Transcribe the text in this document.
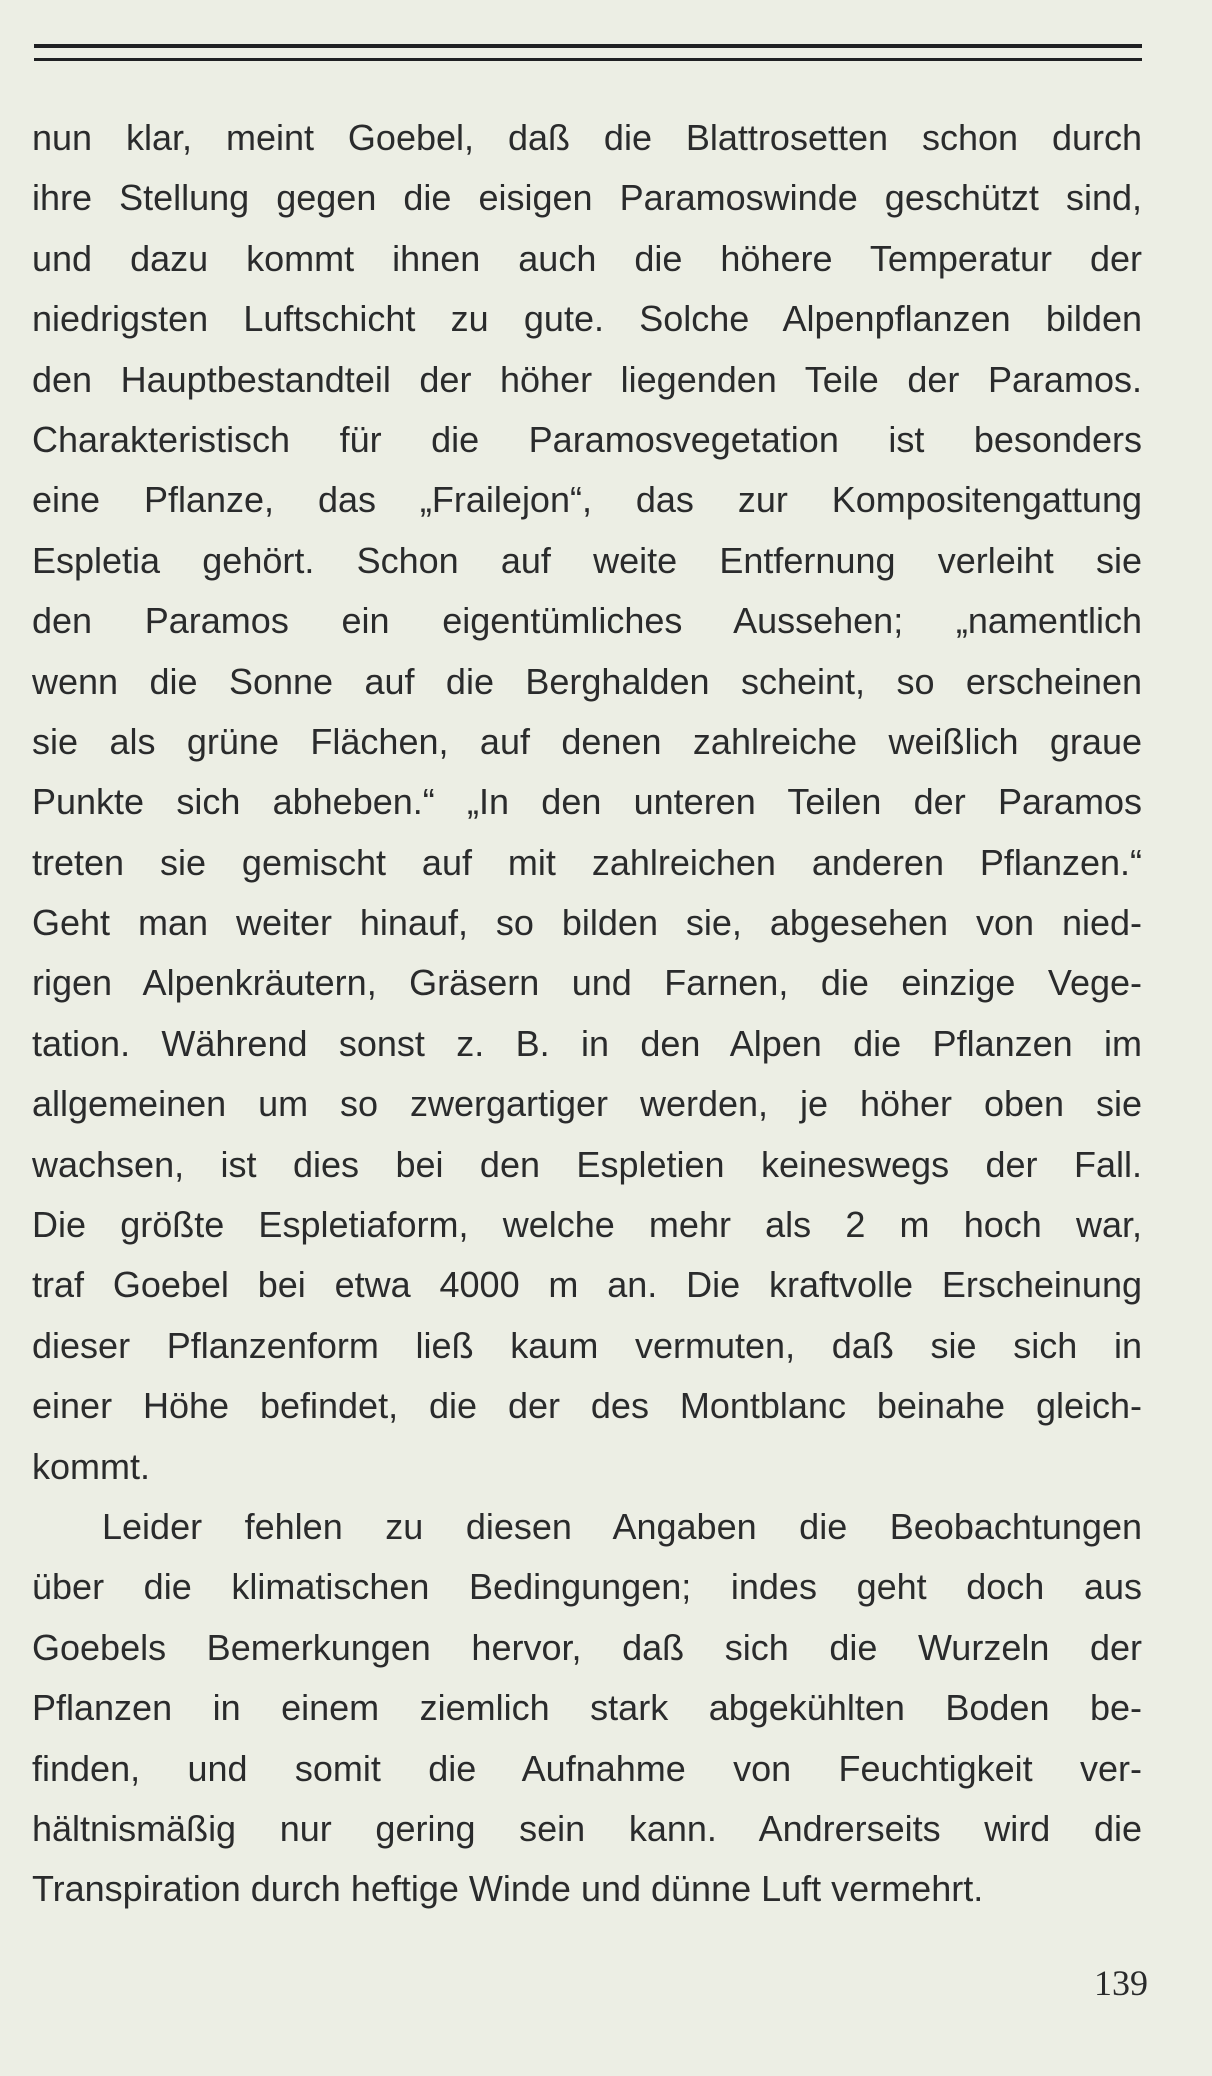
nun klar, meint Goebel, daß die Blattrosetten schon durch
ihre Stellung gegen die eisigen Paramoswinde geschützt sind,
und dazu kommt ihnen auch die höhere Temperatur der
niedrigsten Luftschicht zu gute. Solche Alpenpflanzen bilden
den Hauptbestandteil der höher liegenden Teile der Paramos.
Charakteristisch für die Paramosvegetation ist besonders
eine Pflanze, das „Frailejon“, das zur Kompositengattung
Espletia gehört. Schon auf weite Entfernung verleiht sie
den Paramos ein eigentümliches Aussehen; „namentlich
wenn die Sonne auf die Berghalden scheint, so erscheinen
sie als grüne Flächen, auf denen zahlreiche weißlich graue
Punkte sich abheben.“ „In den unteren Teilen der Paramos
treten sie gemischt auf mit zahlreichen anderen Pflanzen.“
Geht man weiter hinauf, so bilden sie, abgesehen von nied-
rigen Alpenkräutern, Gräsern und Farnen, die einzige Vege-
tation. Während sonst z. B. in den Alpen die Pflanzen im
allgemeinen um so zwergartiger werden, je höher oben sie
wachsen, ist dies bei den Espletien keineswegs der Fall.
Die größte Espletiaform, welche mehr als 2 m hoch war,
traf Goebel bei etwa 4000 m an. Die kraftvolle Erscheinung
dieser Pflanzenform ließ kaum vermuten, daß sie sich in
einer Höhe befindet, die der des Montblanc beinahe gleich-
kommt.
Leider fehlen zu diesen Angaben die Beobachtungen
über die klimatischen Bedingungen; indes geht doch aus
Goebels Bemerkungen hervor, daß sich die Wurzeln der
Pflanzen in einem ziemlich stark abgekühlten Boden be-
finden, und somit die Aufnahme von Feuchtigkeit ver-
hältnismäßig nur gering sein kann. Andrerseits wird die
Transpiration durch heftige Winde und dünne Luft vermehrt.
139
